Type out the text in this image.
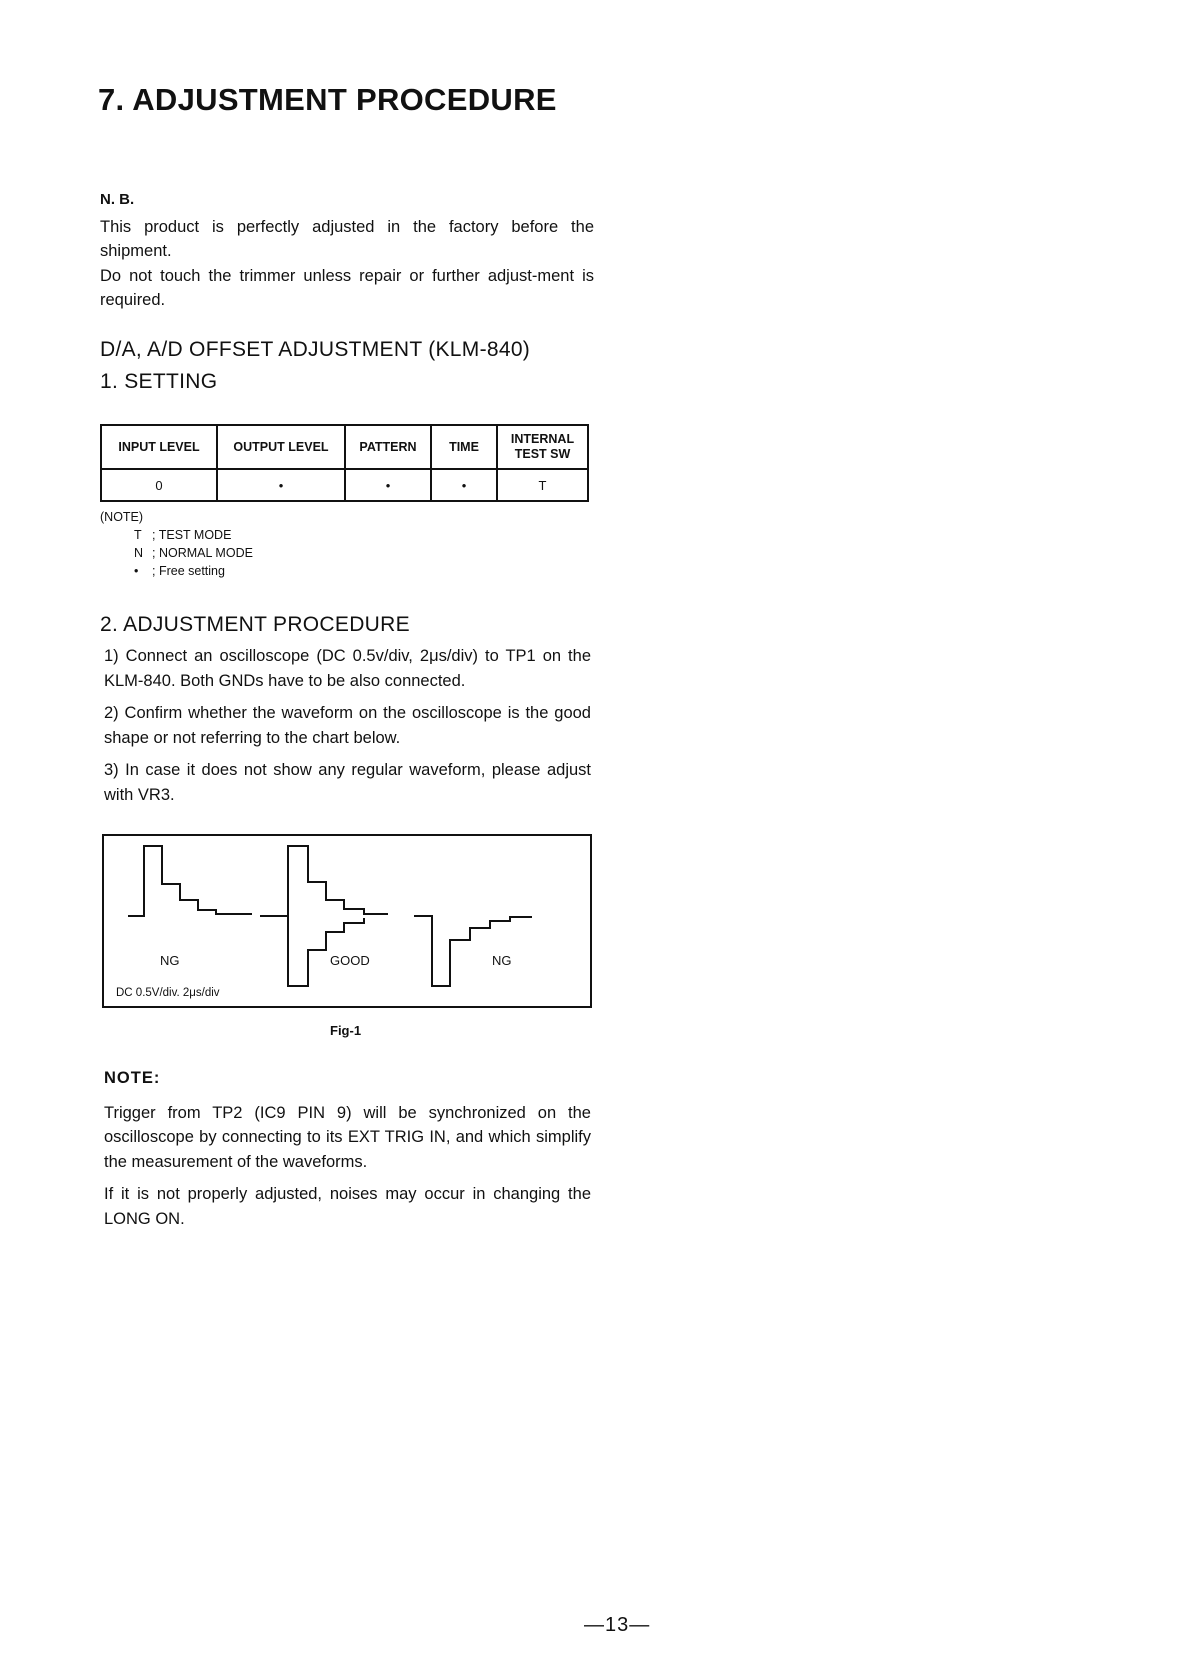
7. ADJUSTMENT PROCEDURE
N. B.
This product is perfectly adjusted in the factory before the shipment.
Do not touch the trimmer unless repair or further adjust-ment is required.
D/A, A/D OFFSET ADJUSTMENT (KLM-840)
1. SETTING
INPUT LEVEL	OUTPUT LEVEL	PATTERN	TIME	INTERNAL
TEST SW

0	•	•	•	T
(NOTE)
T ; TEST MODE
N ; NORMAL MODE
• ; Free setting
2. ADJUSTMENT PROCEDURE

1) Connect an oscilloscope (DC 0.5v/div, 2μs/div) to TP1 on the KLM-840. Both GNDs have to be also connected.

2) Confirm whether the waveform on the oscilloscope is the good shape or not referring to the chart below.

3) In case it does not show any regular waveform, please adjust with VR3.

NG	GOOD	NG
DC 0.5V/div. 2μs/div
Fig-1
NOTE:

Trigger from TP2 (IC9 PIN 9) will be synchronized on the oscilloscope by connecting to its EXT TRIG IN, and which simplify the measurement of the waveforms.

If it is not properly adjusted, noises may occur in changing the LONG ON.

—13—
